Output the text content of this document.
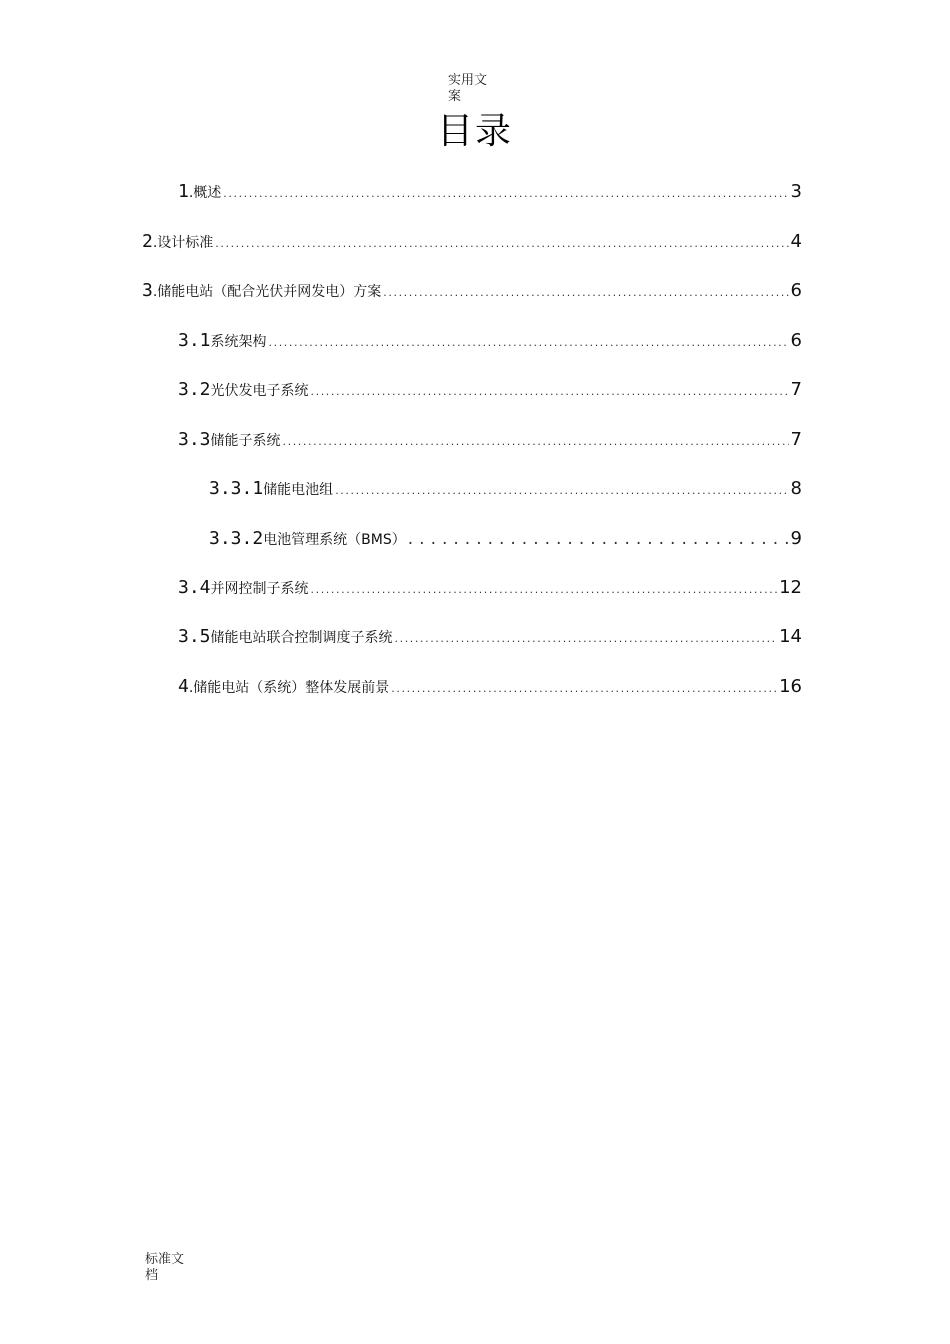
实用文案
目录
1 .概述 .....	3
2 .设计标准 .....	4
3 .储能电站（配合光伏并网发电）方案 .....	6
3.1 系统架构 .....	6
3.2 光伏发电子系统 .....	7
3.3 储能子系统 .....	7
3.3.1 储能电池组 .....	8
3.3.2 电池管理系统（BMS） .....	9
3.4 并网控制子系统 .....	12
3.5 储能电站联合控制调度子系统 .....	14
4 .储能电站（系统）整体发展前景 .....	16
标准文档
